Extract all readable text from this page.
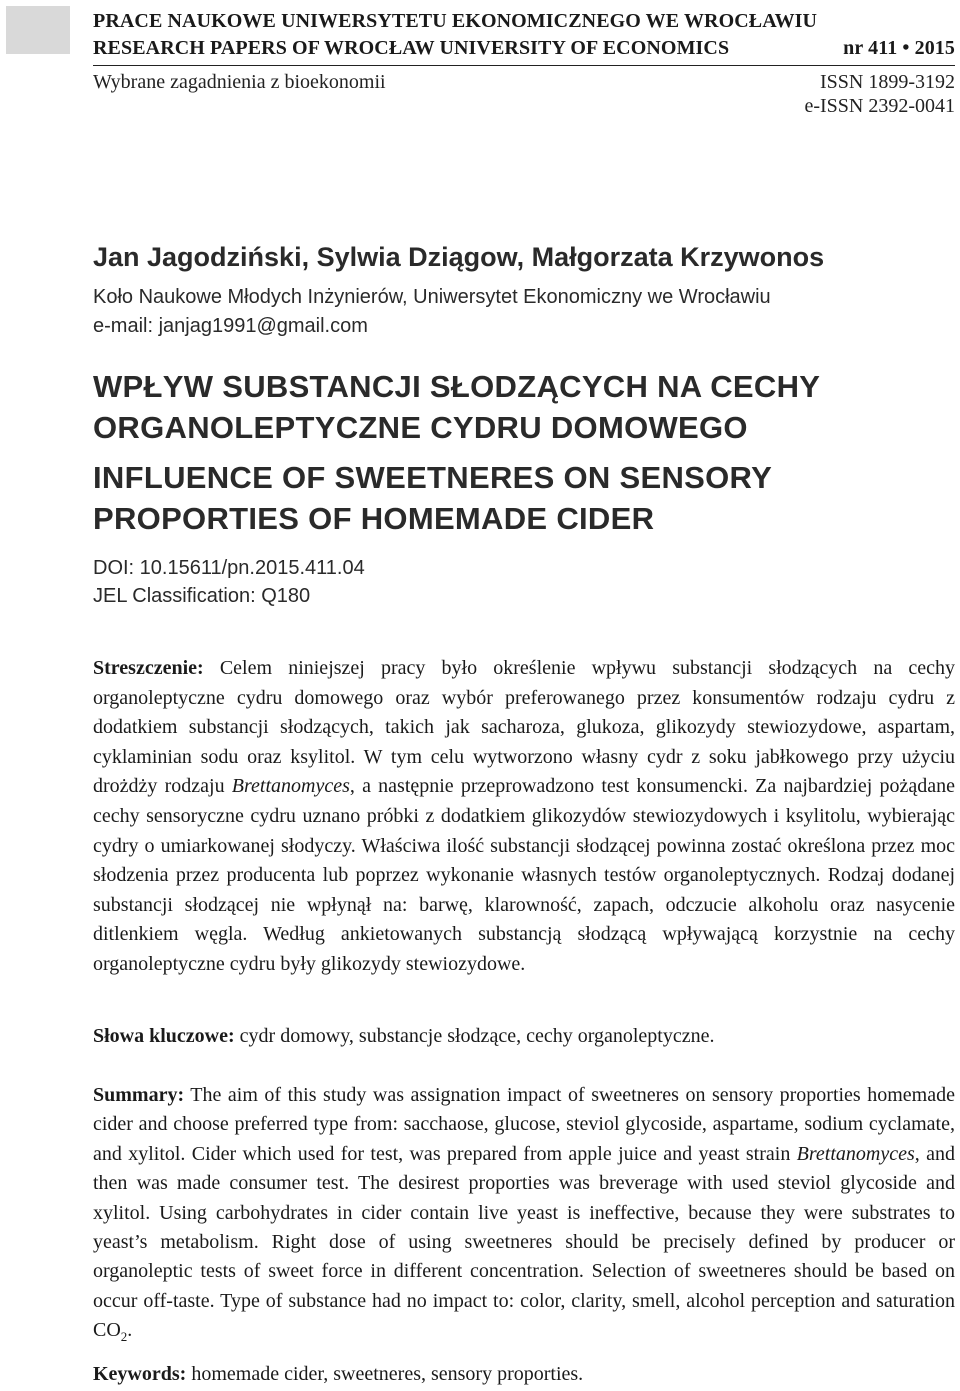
PRACE NAUKOWE UNIWERSYTETU EKONOMICZNEGO WE WROCŁAWIU
RESEARCH PAPERS OF WROCŁAW UNIVERSITY OF ECONOMICS	nr 411 • 2015
Wybrane zagadnienia z bioekonomii	ISSN 1899-3192
e-ISSN 2392-0041
Jan Jagodziński, Sylwia Dziągow, Małgorzata Krzywonos
Koło Naukowe Młodych Inżynierów, Uniwersytet Ekonomiczny we Wrocławiu
e-mail: janjag1991@gmail.com
WPŁYW SUBSTANCJI SŁODZĄCYCH NA CECHY
ORGANOLEPTYCZNE CYDRU DOMOWEGO
INFLUENCE OF SWEETNERES ON SENSORY
PROPORTIES OF HOMEMADE CIDER
DOI: 10.15611/pn.2015.411.04
JEL Classification: Q180
Streszczenie: Celem niniejszej pracy było określenie wpływu substancji słodzących na cechy organoleptyczne cydru domowego oraz wybór preferowanego przez konsumentów rodzaju cydru z dodatkiem substancji słodzących, takich jak sacharoza, glukoza, glikozydy stewiozydowe, aspartam, cyklaminian sodu oraz ksylitol. W tym celu wytworzono własny cydr z soku jabłkowego przy użyciu drożdży rodzaju Brettanomyces, a następnie przeprowadzono test konsumencki. Za najbardziej pożądane cechy sensoryczne cydru uznano próbki z dodatkiem glikozydów stewiozydowych i ksylitolu, wybierając cydry o umiarkowanej słodyczy. Właściwa ilość substancji słodzącej powinna zostać określona przez moc słodzenia przez producenta lub poprzez wykonanie własnych testów organoleptycznych. Rodzaj dodanej substancji słodzącej nie wpłynął na: barwę, klarowność, zapach, odczucie alkoholu oraz nasycenie ditlenkiem węgla. Według ankietowanych substancją słodzącą wpływającą korzystnie na cechy organoleptyczne cydru były glikozydy stewiozydowe.
Słowa kluczowe: cydr domowy, substancje słodzące, cechy organoleptyczne.
Summary: The aim of this study was assignation impact of sweetneres on sensory proporties homemade cider and choose preferred type from: sacchaose, glucose, steviol glycoside, aspartame, sodium cyclamate, and xylitol. Cider which used for test, was prepared from apple juice and yeast strain Brettanomyces, and then was made consumer test. The desirest proporties was breverage with used steviol glycoside and xylitol. Using carbohydrates in cider contain live yeast is ineffective, because they were substrates to yeast’s metabolism. Right dose of using sweetneres should be precisely defined by producer or organoleptic tests of sweet force in different concentration. Selection of sweetneres should be based on occur off-taste. Type of substance had no impact to: color, clarity, smell, alcohol perception and saturation $CO_2$.
Keywords: homemade cider, sweetneres, sensory proporties.
